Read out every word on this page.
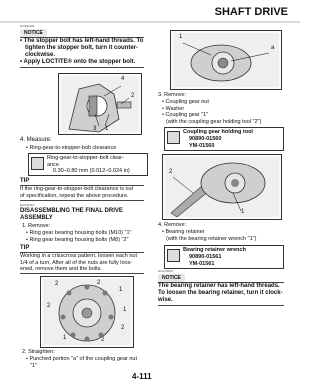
SHAFT DRIVE
EAS30400
NOTICE
• The stopper bolt has left-hand threads. To
tighten the stopper bolt, turn it counter-
clockwise.
• Apply LOCTITE® onto the stopper bolt.
4
2
3 1
4. Measure:
• Ring-gear-to-stopper-bolt clearance
Ring-gear-to-stopper-bolt clear-
ance
0.30–0.80 mm (0.012–0.024 in)
TIP
If the ring-gear-to-stopper-bolt clearance is out
of specification, repeat the above procedure.
EAS30410
DISASSEMBLING THE FINAL DRIVE
ASSEMBLY
1. Remove:
• Ring gear bearing housing bolts (M10) "1"
• Ring gear bearing housing bolts (M8) "2"
TIP
Working in a crisscross pattern, loosen each nut
1/4 of a turn. After all of the nuts are fully loos-
ened, remove them and the bolts.
2	2
1
2
1
1	2
2
2. Straighten:
• Punched portion "a" of the coupling gear nut
"1"
1
a
3. Remove:
• Coupling gear nut
• Washer
• Coupling gear "1"
(with the coupling gear holding tool "2")
Coupling gear holding tool
90890-01560
YM-01560
2
1
4. Remove:
• Bearing retainer
(with the bearing retainer wrench "1")
Bearing retainer wrench
90890-01561
YM-01561
ECA13680
NOTICE
The bearing retainer has left-hand threads.
To loosen the bearing retainer, turn it clock-
wise.
4-111
